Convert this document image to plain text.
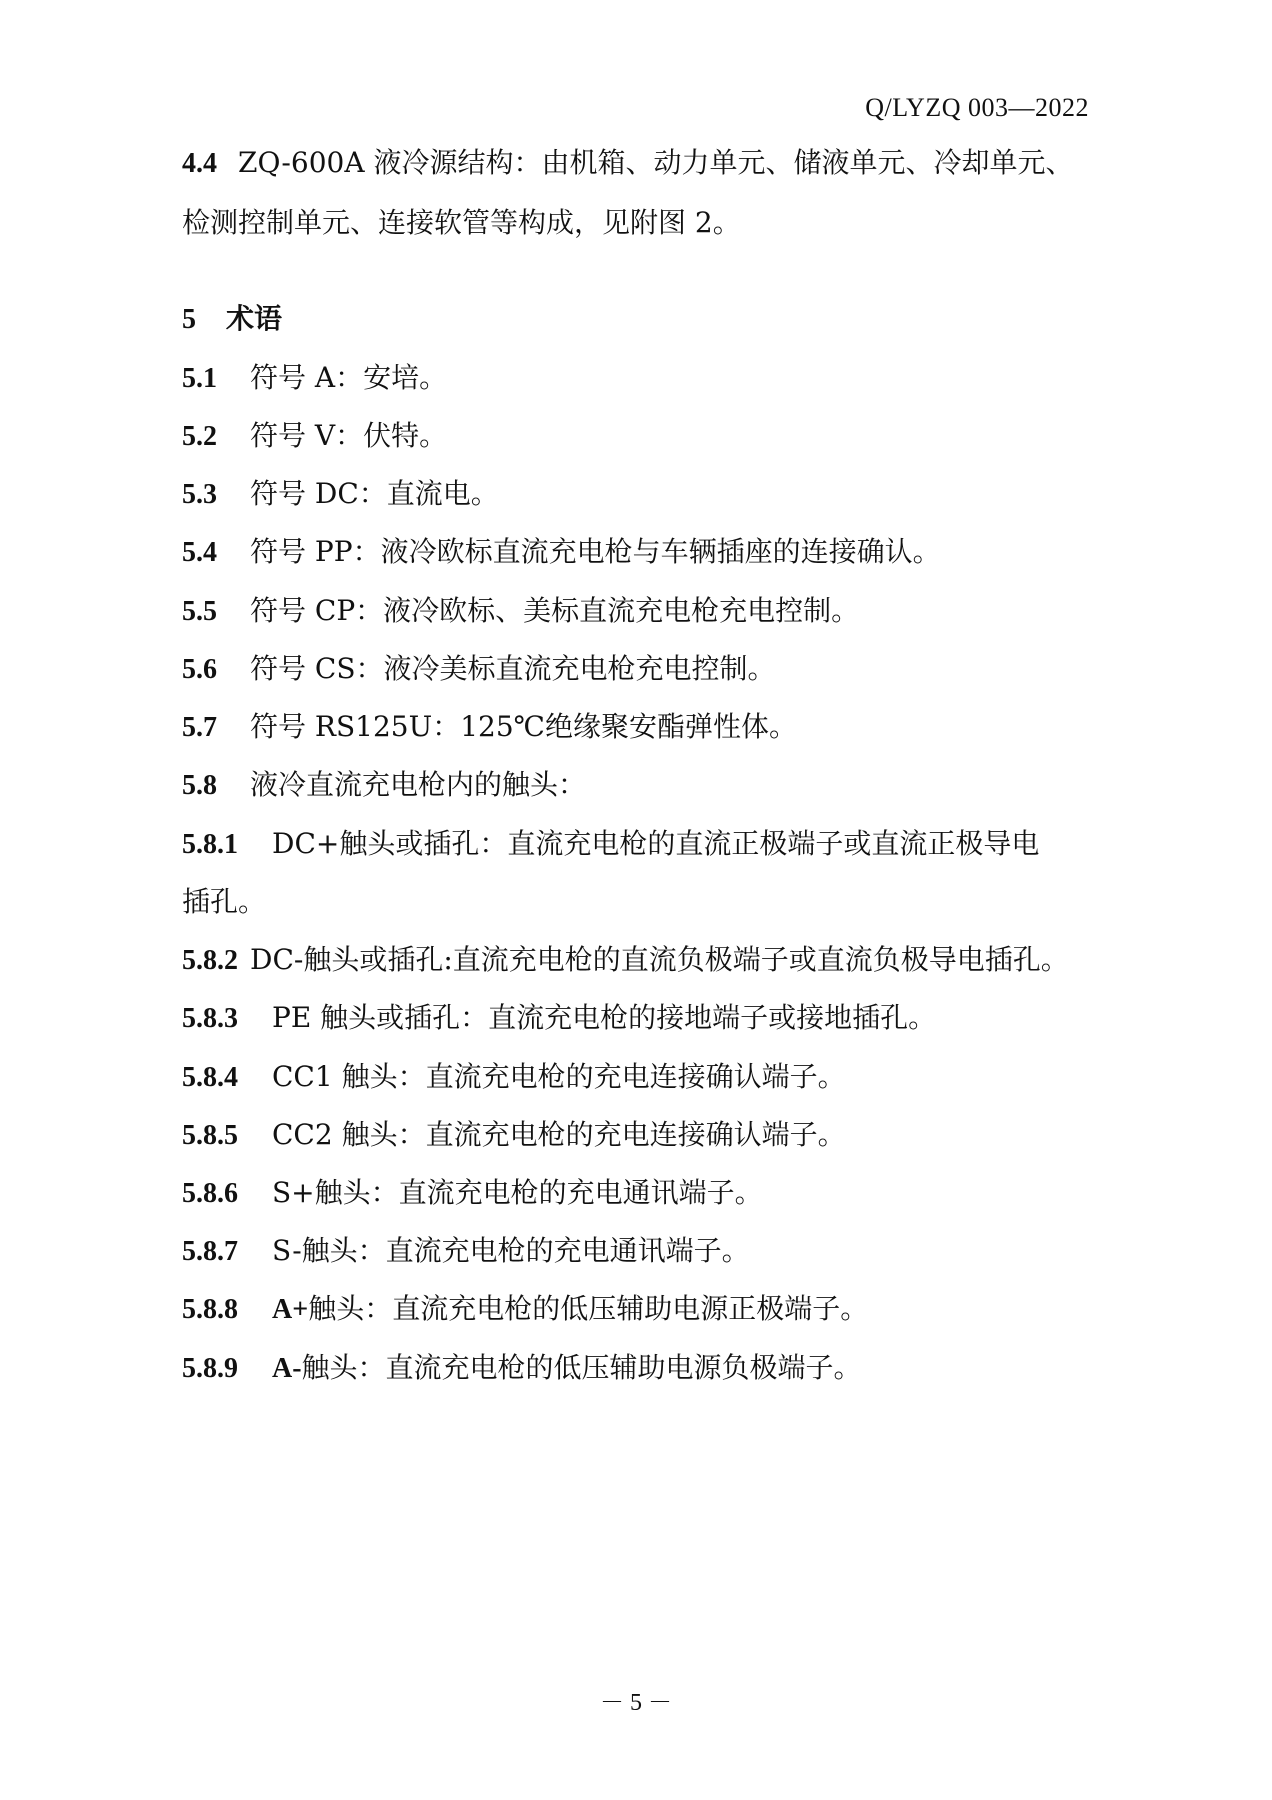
Q/LYZQ 003—2022
4.4 ZQ-600A 液冷源结构：由机箱、动力单元、储液单元、冷却单元、
检测控制单元、连接软管等构成，见附图 2。
5 术语
5.1 符号 A：安培。
5.2 符号 V：伏特。
5.3 符号 DC：直流电。
5.4 符号 PP：液冷欧标直流充电枪与车辆插座的连接确认。
5.5 符号 CP：液冷欧标、美标直流充电枪充电控制。
5.6 符号 CS：液冷美标直流充电枪充电控制。
5.7 符号 RS125U：125℃绝缘聚安酯弹性体。
5.8 液冷直流充电枪内的触头：
5.8.1 DC+触头或插孔：直流充电枪的直流正极端子或直流正极导电
插孔。
5.8.2 DC-触头或插孔:直流充电枪的直流负极端子或直流负极导电插孔。
5.8.3 PE 触头或插孔：直流充电枪的接地端子或接地插孔。
5.8.4 CC1 触头：直流充电枪的充电连接确认端子。
5.8.5 CC2 触头：直流充电枪的充电连接确认端子。
5.8.6 S+触头：直流充电枪的充电通讯端子。
5.8.7 S-触头：直流充电枪的充电通讯端子。
5.8.8 A+触头：直流充电枪的低压辅助电源正极端子。
5.8.9 A-触头：直流充电枪的低压辅助电源负极端子。
－ 5 －
